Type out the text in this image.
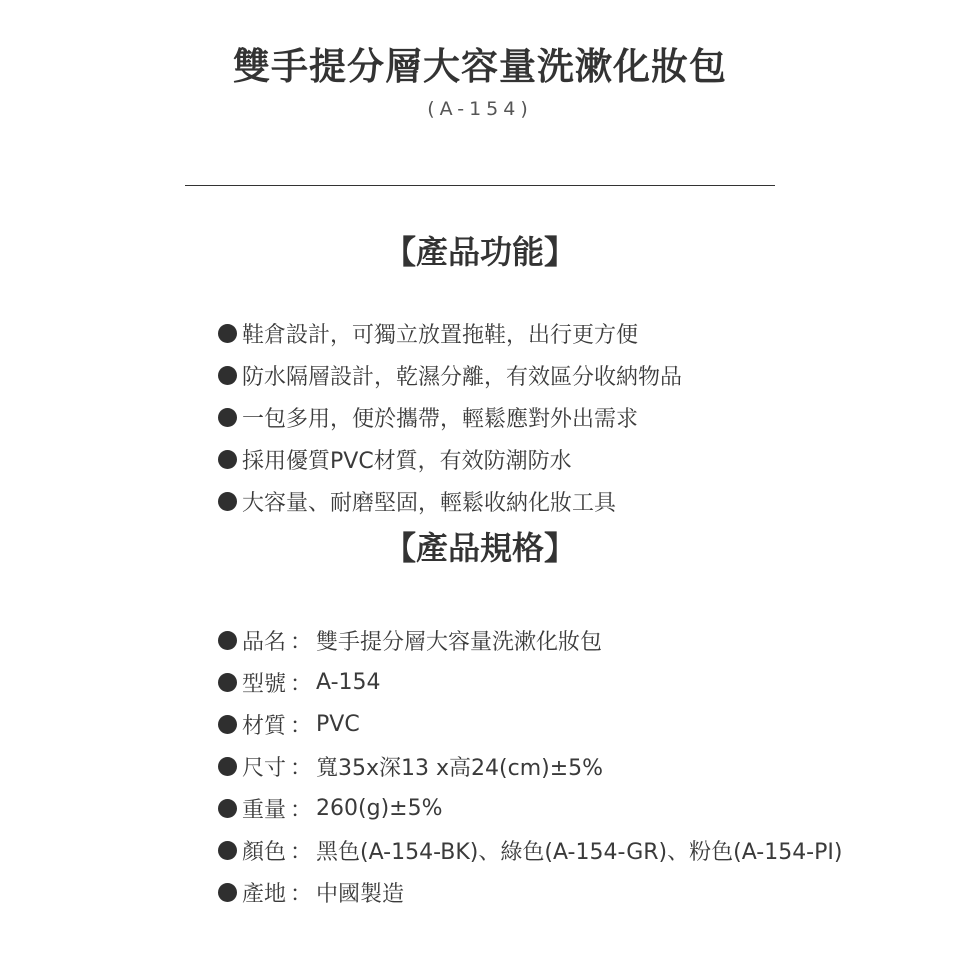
雙手提分層大容量洗漱化妝包
(A-154)
【產品功能】
鞋倉設計，可獨立放置拖鞋，出行更方便
防水隔層設計，乾濕分離，有效區分收納物品
一包多用，便於攜帶，輕鬆應對外出需求
採用優質PVC材質，有效防潮防水
大容量、耐磨堅固，輕鬆收納化妝工具
【產品規格】
品名 ： 雙手提分層大容量洗漱化妝包
型號 ： A-154
材質 ： PVC
尺寸 ： 寬35x深13 x高24(cm)±5%
重量 ： 260(g)±5%
顏色 ： 黑色(A-154-BK)、綠色(A-154-GR)、粉色(A-154-PI)
產地 ： 中國製造
